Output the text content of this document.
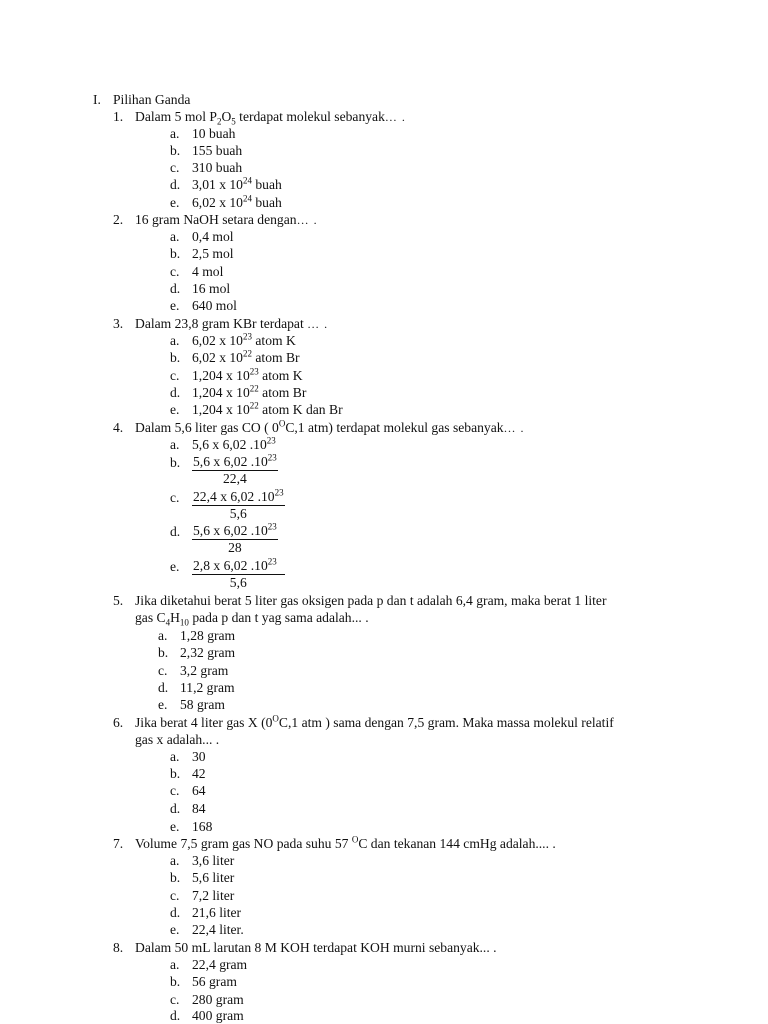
I. Pilihan Ganda
1. Dalam 5 mol $P_2O_5$ terdapat molekul sebanyak… .
a. 10 buah
b. 155 buah
c. 310 buah
d. 3,01 x $10^{24}$ buah
e. 6,02 x $10^{24}$ buah
2. 16 gram NaOH setara dengan… .
a. 0,4 mol
b. 2,5 mol
c. 4 mol
d. 16 mol
e. 640 mol
3. Dalam 23,8 gram KBr terdapat … .
a. 6,02 x $10^{23}$ atom K
b. 6,02 x $10^{22}$ atom Br
c. 1,204 x $10^{23}$ atom K
d. 1,204 x $10^{22}$ atom Br
e. 1,204 x $10^{22}$ atom K dan Br
4. Dalam 5,6 liter gas CO ( $0^OC,1$ atm) terdapat molekul gas sebanyak… .
a. 5,6 x 6,02 $.10^{23}$
b. $\frac{5,6 x 6,02 .10^{23}}{22,4}$
c. $\frac{22,4 x 6,02 .10^{23}}{5,6}$
d. $\frac{5,6 x 6,02 .10^{23}}{28}$
e. $\frac{2,8 x 6,02 .10^{23}}{5,6}$
5. Jika diketahui berat 5 liter gas oksigen pada p dan t adalah 6,4 gram, maka berat 1 liter
gas $C_4H_{10}$ pada p dan t yag sama adalah... .
a. 1,28 gram
b. 2,32 gram
c. 3,2 gram
d. 11,2 gram
e. 58 gram
6. Jika berat 4 liter gas X ($0^OC,1$ atm ) sama dengan 7,5 gram. Maka massa molekul relatif
gas x adalah... .
a. 30
b. 42
c. 64
d. 84
e. 168
7. Volume 7,5 gram gas NO pada suhu 57 $^O$C dan tekanan 144 cmHg adalah.... .
a. 3,6 liter
b. 5,6 liter
c. 7,2 liter
d. 21,6 liter
e. 22,4 liter.
8. Dalam 50 mL larutan 8 M KOH terdapat KOH murni sebanyak... .
a. 22,4 gram
b. 56 gram
c. 280 gram
d. 400 gram
